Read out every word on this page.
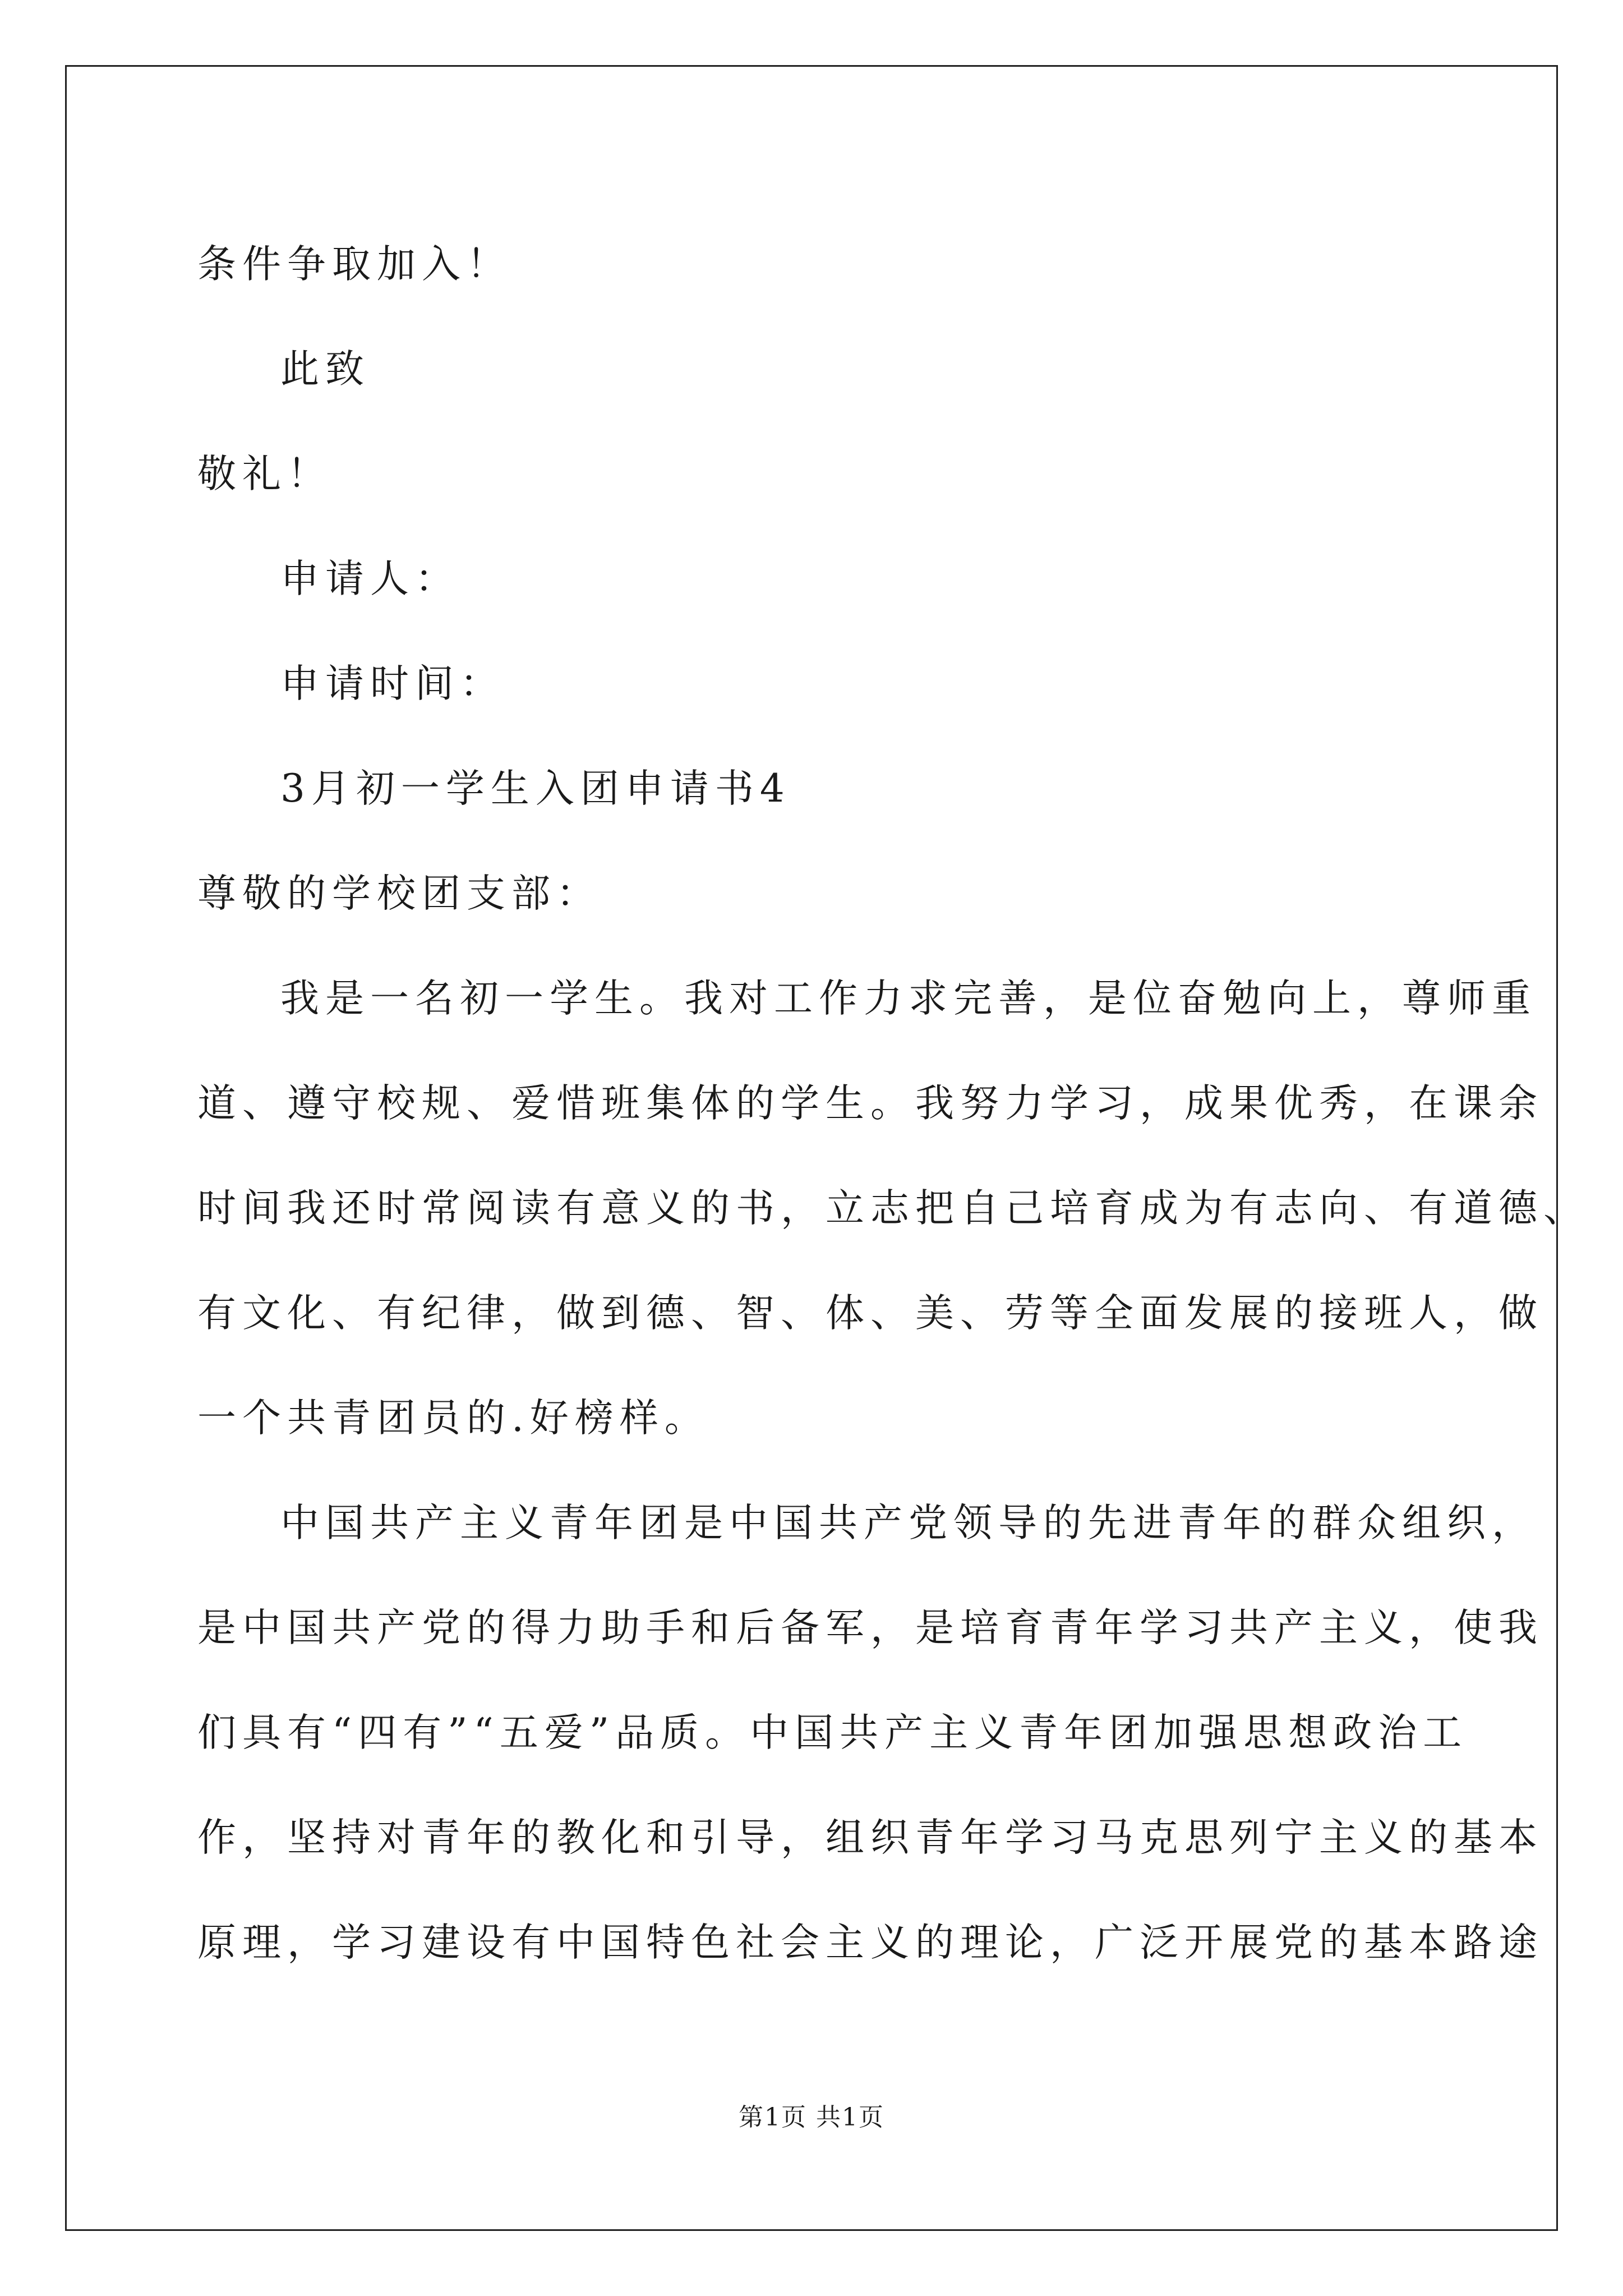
条件争取加入！
此致
敬礼！
申请人：
申请时间：
3月初一学生入团申请书4
尊敬的学校团支部：
我是一名初一学生。我对工作力求完善，是位奋勉向上，尊师重
道、遵守校规、爱惜班集体的学生。我努力学习，成果优秀，在课余
时间我还时常阅读有意义的书，立志把自己培育成为有志向、有道德、
有文化、有纪律，做到德、智、体、美、劳等全面发展的接班人，做
一个共青团员的.好榜样。
中国共产主义青年团是中国共产党领导的先进青年的群众组织，
是中国共产党的得力助手和后备军，是培育青年学习共产主义，使我
们具有“四有”“五爱”品质。中国共产主义青年团加强思想政治工
作，坚持对青年的教化和引导，组织青年学习马克思列宁主义的基本
原理，学习建设有中国特色社会主义的理论，广泛开展党的基本路途
第1页 共1页
